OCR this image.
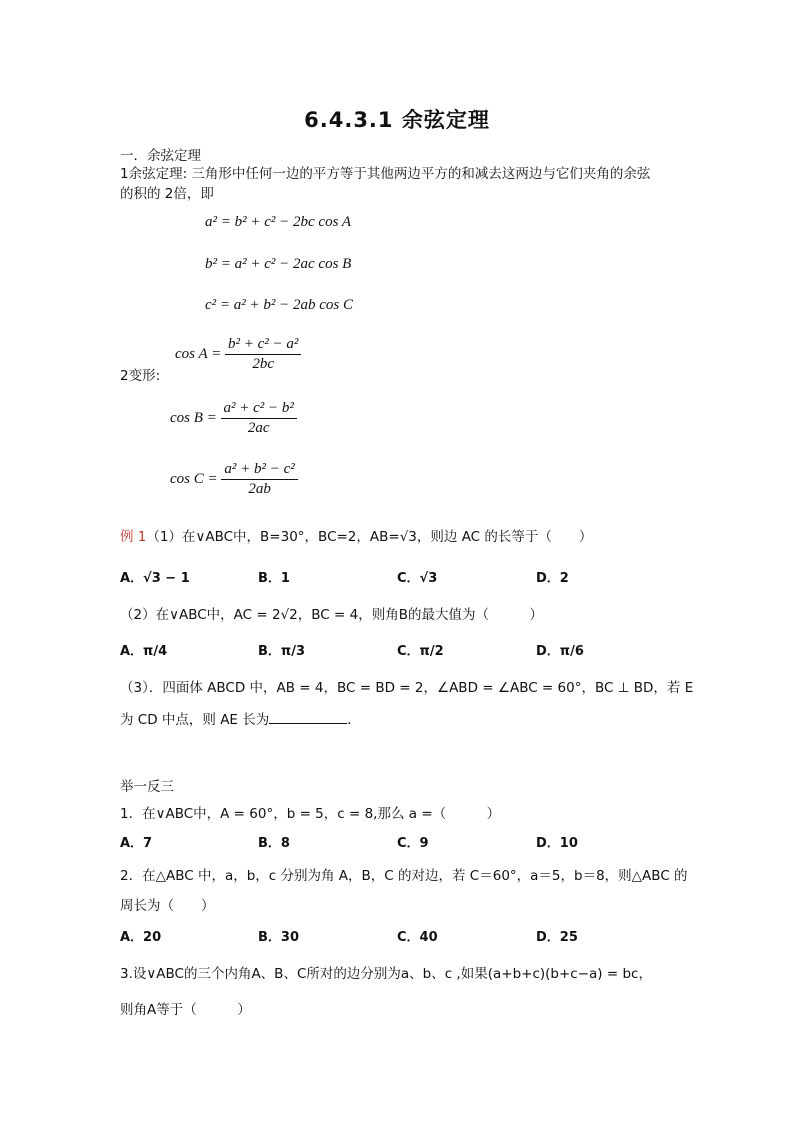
6.4.3.1 余弦定理
一．余弦定理
1余弦定理: 三角形中任何一边的平方等于其他两边平方的和减去这两边与它们夹角的余弦
的积的 2倍，即
a² = b² + c² − 2bc cos A
b² = a² + c² − 2ac cos B
c² = a² + b² − 2ab cos C
2变形:
$\cos A = \frac{\text{b² + c² − a²}}{2bc}$
$\cos B = \frac{\text{a² + c² − b²}}{2ac}$
$\cos C = \frac{\text{a² + b² − c²}}{2ab}$
例 1（1）在∨ABC中，B=30°，BC=2，AB=√3，则边 AC 的长等于（　　）
A．√3 − 1	B．1	C．√3	D．2
（2）在∨ABC中，AC = 2√2，BC = 4，则角B的最大值为（　　　）
A．π/4	B．π/3	C．π/2	D．π/6
（3）．四面体 ABCD 中，AB = 4，BC = BD = 2，∠ABD = ∠ABC = 60°，BC ⊥ BD，若 E
为 CD 中点，则 AE 长为	.
举一反三
1．在∨ABC中，A = 60°，b = 5，c = 8,那么 a =（　　　）
A．7	B．8	C．9	D．10
2．在△ABC 中，a，b，c 分别为角 A，B，C 的对边，若 C＝60°，a＝5，b＝8，则△ABC 的
周长为（　　）
A．20	B．30	C．40	D．25
3.设∨ABC的三个内角A、B、C所对的边分别为a、b、c ,如果(a+b+c)(b+c−a) = bc，
则角A等于（　　　）
